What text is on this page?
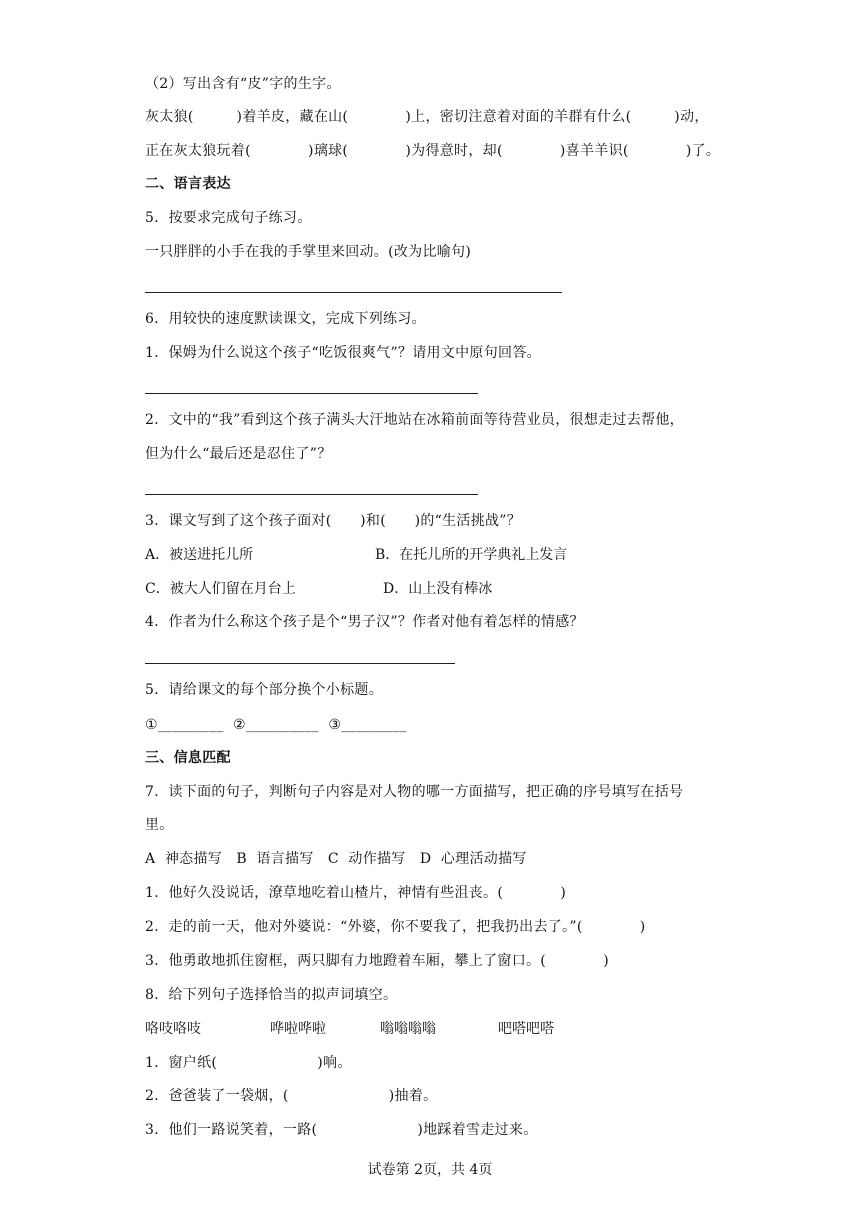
（2）写出含有“皮”字的生字。
灰太狼(　　　)着羊皮，藏在山(　　　　)上，密切注意着对面的羊群有什么(　　　)动，
正在灰太狼玩着(　　　　)璃球(　　　　)为得意时，却(　　　　)喜羊羊识(　　　　)了。
二、语言表达
5．按要求完成句子练习。
一只胖胖的小手在我的手掌里来回动。(改为比喻句)
6．用较快的速度默读课文，完成下列练习。
1．保姆为什么说这个孩子“吃饭很爽气”？请用文中原句回答。
2．文中的“我”看到这个孩子满头大汗地站在冰箱前面等待营业员，很想走过去帮他，
但为什么“最后还是忍住了”？
3．课文写到了这个孩子面对(　　)和(　　)的“生活挑战”？
A．被送进托儿所	B．在托儿所的开学典礼上发言
C．被大人们留在月台上	D．山上没有棒冰
4．作者为什么称这个孩子是个“男子汉”？作者对他有着怎样的情感？
5．请给课文的每个部分换个小标题。
①_________  ②__________  ③_________
三、信息匹配
7．读下面的句子，判断句子内容是对人物的哪一方面描写，把正确的序号填写在括号
里。
A  神态描写   B  语言描写   C  动作描写   D  心理活动描写
1．他好久没说话，潦草地吃着山楂片，神情有些沮丧。(　　　　)
2．走的前一天，他对外婆说：“外婆，你不要我了，把我扔出去了。”(　　　　)
3．他勇敢地抓住窗框，两只脚有力地蹬着车厢，攀上了窗口。(　　　　)
8．给下列句子选择恰当的拟声词填空。
咯吱咯吱	哗啦哗啦	嗡嗡嗡嗡	吧嗒吧嗒
1．窗户纸(　　　　　　　)响。
2．爸爸装了一袋烟，(　　　　　　　)抽着。
3．他们一路说笑着，一路(　　　　　　　)地踩着雪走过来。
试卷第 2页，共 4页
